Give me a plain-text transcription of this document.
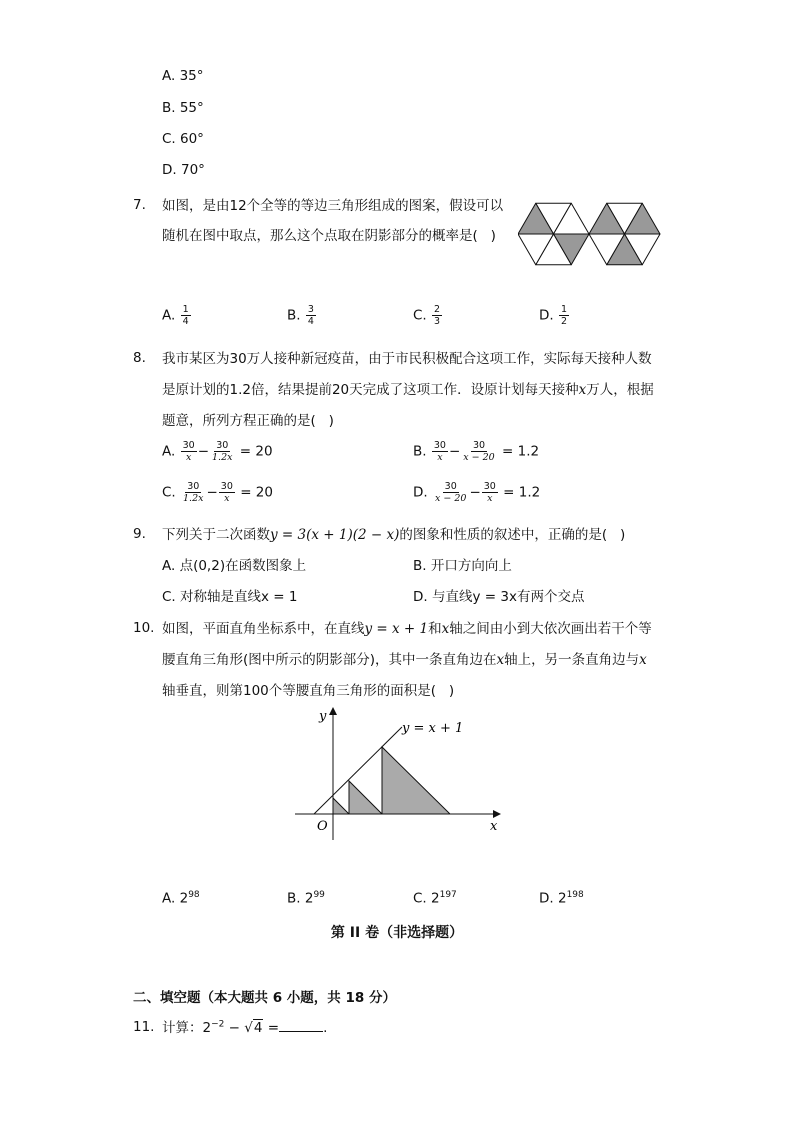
A. 35°
B. 55°
C. 60°
D. 70°
7. 如图，是由12个全等的等边三角形组成的图案，假设可以
随机在图中取点，那么这个点取在阴影部分的概率是(   )
A. $\frac{1}{4}$	B. $\frac{3}{4}$	C. $\frac{2}{3}$	D. $\frac{1}{2}$
8. 我市某区为30万人接种新冠疫苗，由于市民积极配合这项工作，实际每天接种人数
是原计划的1.2倍，结果提前20天完成了这项工作．设原计划每天接种x万人，根据
题意，所列方程正确的是(   )
A. $\frac{30}{x} - \frac{30}{1.2x} = 20$	B. $\frac{30}{x} - \frac{30}{x - 20} = 1.2$
C. $\frac{30}{1.2x} - \frac{30}{x} = 20$	D. $\frac{30}{x - 20} - \frac{30}{x} = 1.2$
9. 下列关于二次函数y = 3(x + 1)(2 − x)的图象和性质的叙述中，正确的是(   )
A. 点(0,2)在函数图象上	B. 开口方向向上
C. 对称轴是直线x = 1	D. 与直线y = 3x有两个交点
10. 如图，平面直角坐标系中，在直线y = x + 1和x轴之间由小到大依次画出若干个等
腰直角三角形(图中所示的阴影部分)，其中一条直角边在x轴上，另一条直角边与x
轴垂直，则第100个等腰直角三角形的面积是(   )
y
x
O
y = x + 1
A. $2^{98}$	B. $2^{99}$	C. $2^{197}$	D. $2^{198}$
第 II 卷（非选择题）
二、填空题（本大题共 6 小题，共 18 分）
11. 计算：$2^{-2} - √4$ =	.
